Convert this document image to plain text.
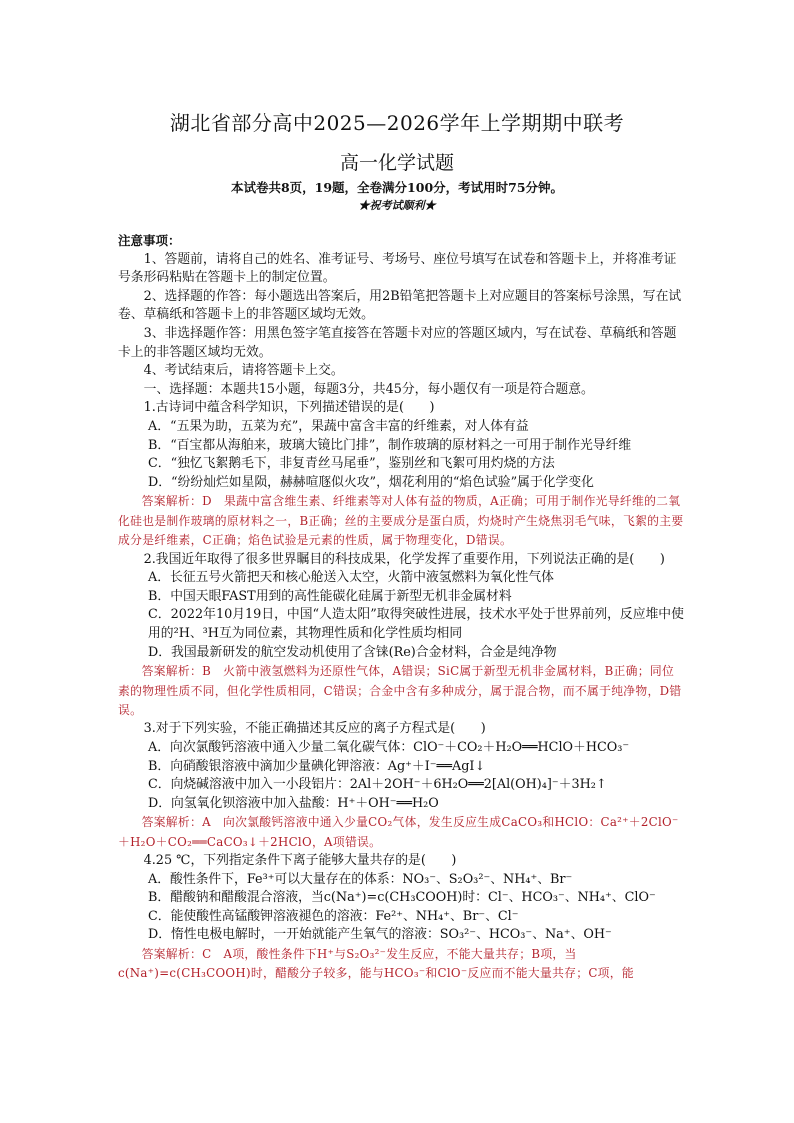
湖北省部分高中2025—2026学年上学期期中联考
高一化学试题
本试卷共8页，19题，全卷满分100分，考试用时75分钟。
★祝考试顺利★

注意事项：

1、答题前，请将自己的姓名、准考证号、考场号、座位号填写在试卷和答题卡上，并将准考证号条形码粘贴在答题卡上的制定位置。

2、选择题的作答：每小题选出答案后，用2B铅笔把答题卡上对应题目的答案标号涂黑，写在试卷、草稿纸和答题卡上的非答题区域均无效。

3、非选择题作答：用黑色签字笔直接答在答题卡对应的答题区域内，写在试卷、草稿纸和答题卡上的非答题区域均无效。

4、考试结束后，请将答题卡上交。

一、选择题：本题共15小题，每题3分，共45分，每小题仅有一项是符合题意。

1.古诗词中蕴含科学知识，下列描述错误的是(　　)

A．“五果为助，五菜为充”，果蔬中富含丰富的纤维素，对人体有益

B．“百宝都从海舶来，玻璃大镜比门排”，制作玻璃的原材料之一可用于制作光导纤维

C．“独忆飞絮鹅毛下，非复青丝马尾垂”，鉴别丝和飞絮可用灼烧的方法

D．“纷纷灿烂如星陨，赫赫喧豗似火攻”，烟花利用的“焰色试验”属于化学变化

答案解析：D　 果蔬中富含维生素、纤维素等对人体有益的物质，A正确；可用于制作光导纤维的二氧化硅也是制作玻璃的原材料之一，B正确；丝的主要成分是蛋白质，灼烧时产生烧焦羽毛气味，飞絮的主要成分是纤维素，C正确；焰色试验是元素的性质，属于物理变化，D错误。

2.我国近年取得了很多世界瞩目的科技成果，化学发挥了重要作用，下列说法正确的是(　　)

A．长征五号火箭把天和核心舱送入太空，火箭中液氢燃料为氧化性气体

B．中国天眼FAST用到的高性能碳化硅属于新型无机非金属材料

C．2022年10月19日，中国“人造太阳”取得突破性进展，技术水平处于世界前列，反应堆中使用的²H、³H互为同位素，其物理性质和化学性质均相同

D．我国最新研发的航空发动机使用了含铼(Re)合金材料，合金是纯净物

答案解析：B　 火箭中液氢燃料为还原性气体，A错误；SiC属于新型无机非金属材料，B正确；同位素的物理性质不同，但化学性质相同，C错误；合金中含有多种成分，属于混合物，而不属于纯净物，D错误。

3.对于下列实验，不能正确描述其反应的离子方程式是(　　)

A．向次氯酸钙溶液中通入少量二氧化碳气体：ClO⁻＋CO₂＋H₂O══HClO＋HCO₃⁻

B．向硝酸银溶液中滴加少量碘化钾溶液：Ag⁺＋I⁻══AgI↓

C．向烧碱溶液中加入一小段铝片：2Al＋2OH⁻＋6H₂O══2[Al(OH)₄]⁻＋3H₂↑

D．向氢氧化钡溶液中加入盐酸：H⁺＋OH⁻══H₂O

答案解析：A　 向次氯酸钙溶液中通入少量CO₂气体，发生反应生成CaCO₃和HClO：Ca²⁺＋2ClO⁻＋H₂O＋CO₂══CaCO₃↓＋2HClO，A项错误。

4.25 ℃，下列指定条件下离子能够大量共存的是(　　)

A．酸性条件下，Fe³⁺可以大量存在的体系：NO₃⁻、S₂O₃²⁻、NH₄⁺、Br⁻

B．醋酸钠和醋酸混合溶液，当c(Na⁺)=c(CH₃COOH)时：Cl⁻、HCO₃⁻、NH₄⁺、ClO⁻

C．能使酸性高锰酸钾溶液褪色的溶液：Fe²⁺、NH₄⁺、Br⁻、Cl⁻

D．惰性电极电解时，一开始就能产生氧气的溶液：SO₃²⁻、HCO₃⁻、Na⁺、OH⁻

答案解析：C　 A项，酸性条件下H⁺与S₂O₃²⁻发生反应，不能大量共存；B项，当c(Na⁺)=c(CH₃COOH)时，醋酸分子较多，能与HCO₃⁻和ClO⁻反应而不能大量共存；C项，能
